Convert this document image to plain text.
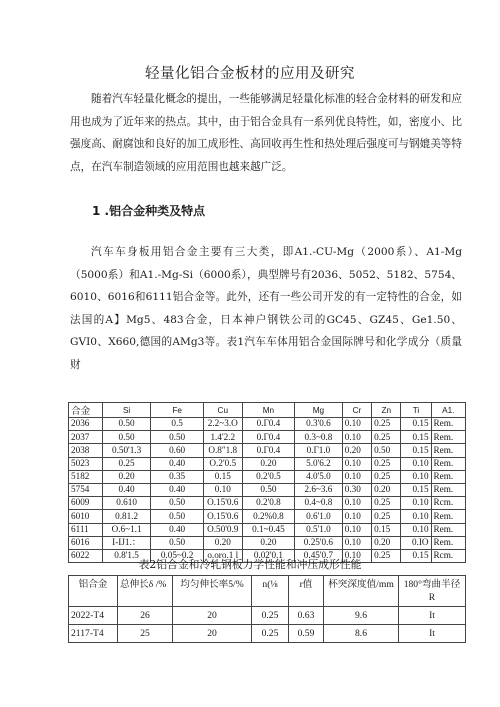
轻量化铝合金板材的应用及研究

随着汽车轻量化概念的提出，一些能够满足轻量化标准的轻合金材料的研发和应用也成为了近年来的热点。其中，由于铝合金具有一系列优良特性，如，密度小、比强度高、耐腐蚀和良好的加工成形性、高回收再生性和热处理后强度可与钢媲美等特点，在汽车制造领域的应用范围也越来越广泛。

1 .铝合金种类及特点

汽车车身板用铝合金主要有三大类，即A1.-CU-Mg（2000系）、A1-Mg（5000系）和A1.-Mg-Si（6000系），典型牌号有2036、5052、5182、5754、6010、6016和6111铝合金等。此外，还有一些公司开发的有一定特性的合金，如法国的A】Mg5、483合金，日本神户钢铁公司的GC45、GZ45、Ge1.50、GVI0、X660,德国的AMg3等。表1汽车车体用铝合金国际牌号和化学成分（质量财

合金	Si	Fe	Cu	Mn	Mg	Cr	Zn	Ti	A1.
2036	0.50	0.5	2.2~3.O	0.Γ0.4	0.3'0.6	0.10	0.25	0.15	Rem.
2037	0.50	0.50	1.4'2.2	0.Γ0.4	0.3~0.8	0.10	0.25	0.15	Rem.
2038	0.50'1.3	0.60	O.8"1.8	0.Γ0.4	0.Γ1.0	0.20	0.50	0.15	Rem.
5023	0.25	0.40	O.2'0.5	0.20	5.0'6.2	0.10	0.25	0.10	Rem.
5182	0.20	0.35	0.15	0.2'0.5	4.0'5.0	0.10	0.25	0.10	Rem.
5754	0.40	0.40	0.10	0.50	2.6~3.6	0.30	0.20	0.15	Rem.
6009	0.610	0.50	O.15'0.6	0.2'0.8	0.4~0.8	0.10	0.25	0.10	Rcm.
6010	0.81.2	0.50	O.15'0.6	0.2%0.8	0.6'1.0	0.10	0.25	0.10	Rem.
6111	O.6~1.1	0.40	O.50'0.9	0.1~0.45	0.5'1.0	0.10	0.15	0.10	Rem.
6016	I-IJ1.：	0.50	0.20	0.20	0.25'0.6	0.10	0.20	0.IO	Rem.
6022	0.8'1.5	0.05~0.2	o.oro.1 l	0.02'0.1	0.45'0.7	0.10	0.25	0.15	Rcm.
表2铝合金和冷轧钢板力学性能和冲压成形性能
铝合金	总伸长δ /%	均匀伸长率5/%	n(⅛	r值	杯突深度值/mm	180°弯曲半径R
2022-T4	26	20	0.25	0.63	9.6	It
2117-T4	25	20	0.25	0.59	8.6	It
